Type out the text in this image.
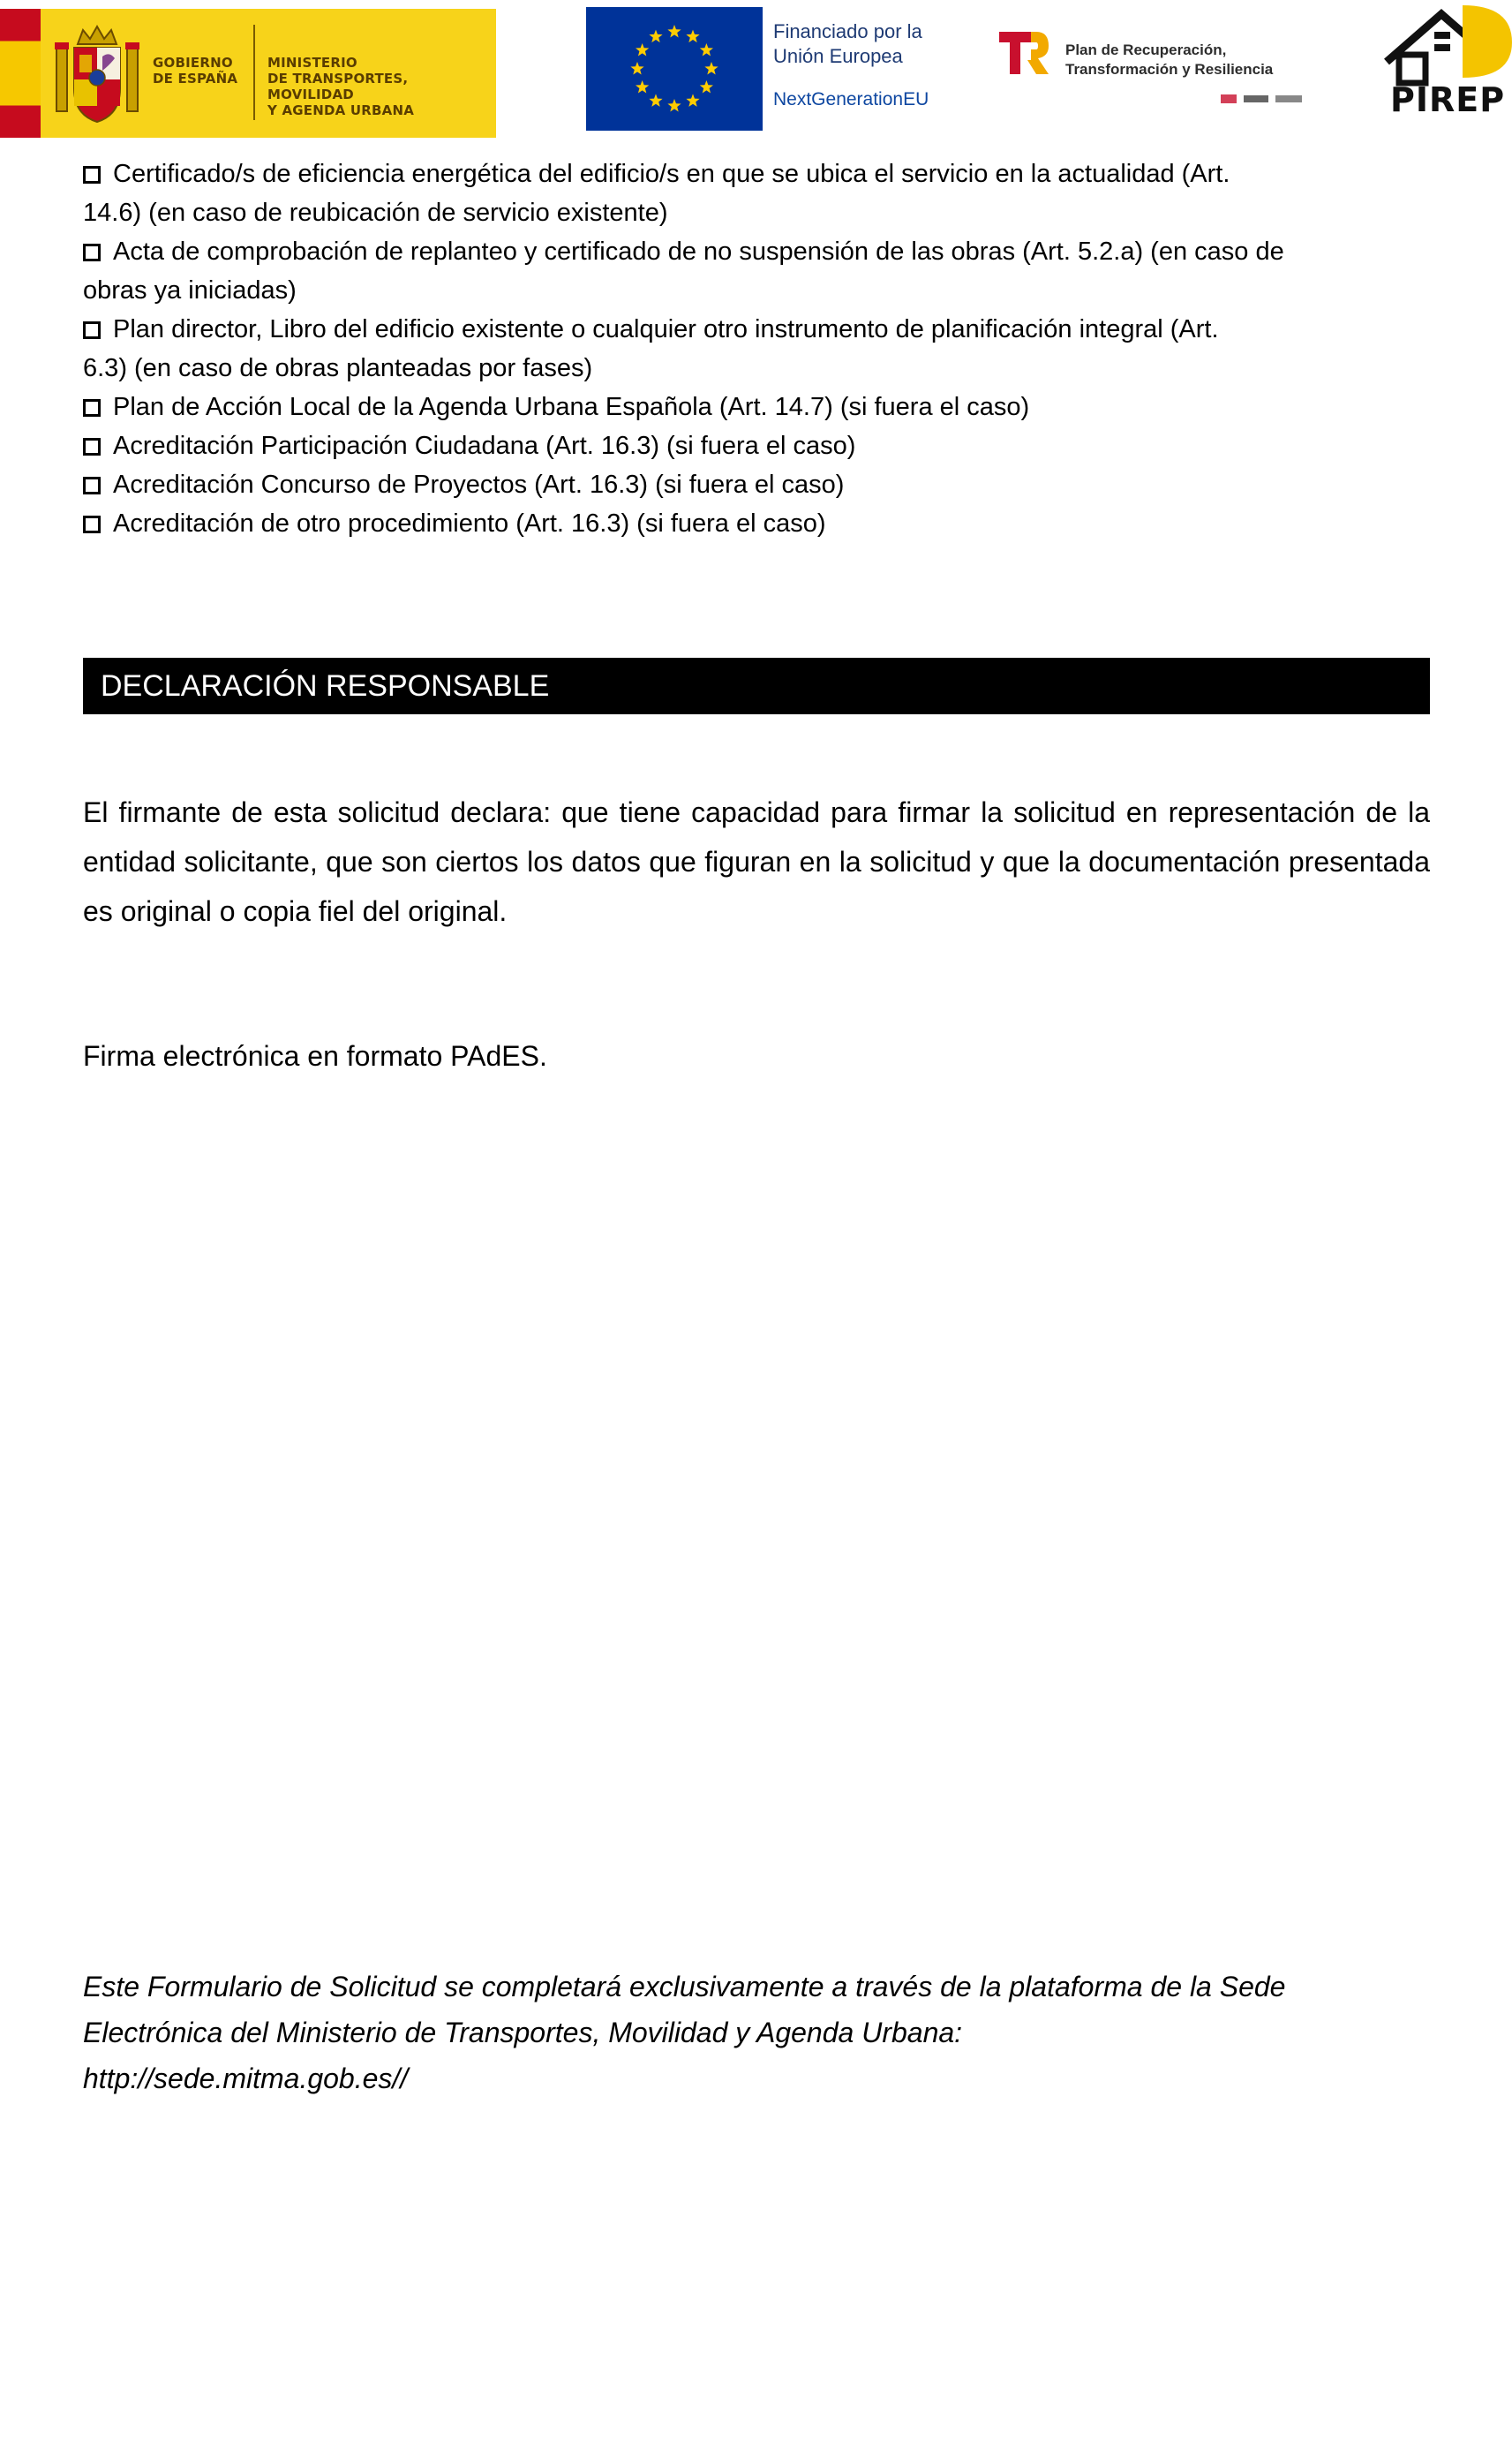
GOBIERNO
DE ESPAÑA
MINISTERIO
DE TRANSPORTES, MOVILIDAD
Y AGENDA URBANA
Financiado por la
Unión Europea
NextGenerationEU
Plan de Recuperación,
Transformación y Resiliencia
PIREP
Certificado/s de eficiencia energética del edificio/s en que se ubica el servicio en la actualidad (Art.
14.6) (en caso de reubicación de servicio existente)
Acta de comprobación de replanteo y certificado de no suspensión de las obras (Art. 5.2.a) (en caso de
obras ya iniciadas)
Plan director, Libro del edificio existente o cualquier otro instrumento de planificación integral (Art.
6.3) (en caso de obras planteadas por fases)
Plan de Acción Local de la Agenda Urbana Española (Art. 14.7) (si fuera el caso)
Acreditación Participación Ciudadana (Art. 16.3) (si fuera el caso)
Acreditación Concurso de Proyectos (Art. 16.3) (si fuera el caso)
Acreditación de otro procedimiento (Art. 16.3) (si fuera el caso)
DECLARACIÓN RESPONSABLE
El firmante de esta solicitud declara: que tiene capacidad para firmar la solicitud en representación de la entidad solicitante, que son ciertos los datos que figuran en la solicitud y que la documentación presentada es original o copia fiel del original.
Firma electrónica en formato PAdES.
Este Formulario de Solicitud se completará exclusivamente a través de la plataforma de la Sede
Electrónica del Ministerio de Transportes, Movilidad y Agenda Urbana:
http://sede.mitma.gob.es//
